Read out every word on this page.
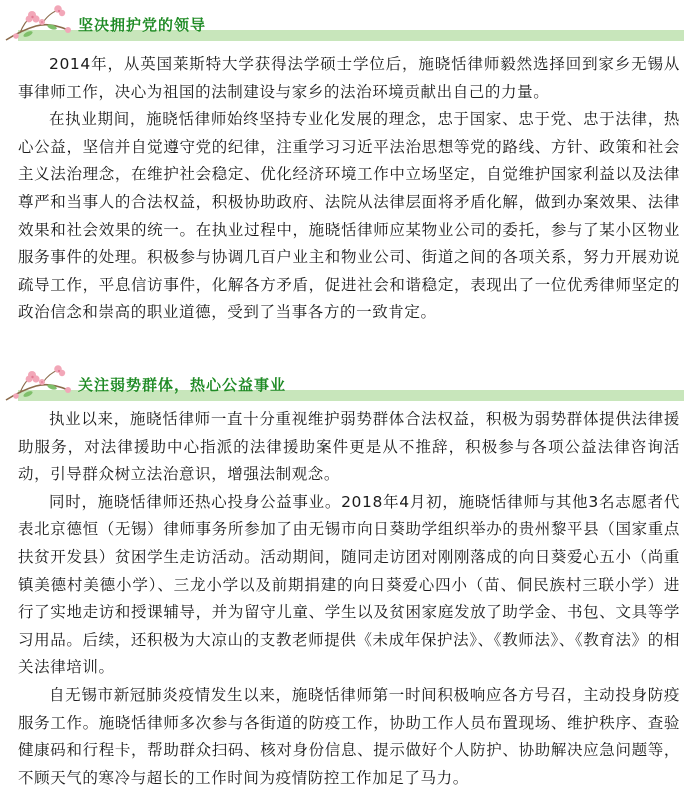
坚决拥护党的领导

2014年，从英国莱斯特大学获得法学硕士学位后，施晓恬律师毅然选择回到家乡无锡从事律师工作，决心为祖国的法制建设与家乡的法治环境贡献出自己的力量。

在执业期间，施晓恬律师始终坚持专业化发展的理念，忠于国家、忠于党、忠于法律，热心公益，坚信并自觉遵守党的纪律，注重学习习近平法治思想等党的路线、方针、政策和社会主义法治理念，在维护社会稳定、优化经济环境工作中立场坚定，自觉维护国家利益以及法律尊严和当事人的合法权益，积极协助政府、法院从法律层面将矛盾化解，做到办案效果、法律效果和社会效果的统一。在执业过程中，施晓恬律师应某物业公司的委托，参与了某小区物业服务事件的处理。积极参与协调几百户业主和物业公司、街道之间的各项关系，努力开展劝说疏导工作，平息信访事件，化解各方矛盾，促进社会和谐稳定，表现出了一位优秀律师坚定的政治信念和崇高的职业道德，受到了当事各方的一致肯定。

关注弱势群体，热心公益事业

执业以来，施晓恬律师一直十分重视维护弱势群体合法权益，积极为弱势群体提供法律援助服务，对法律援助中心指派的法律援助案件更是从不推辞，积极参与各项公益法律咨询活动，引导群众树立法治意识，增强法制观念。

同时，施晓恬律师还热心投身公益事业。2018年4月初，施晓恬律师与其他3名志愿者代表北京德恒（无锡）律师事务所参加了由无锡市向日葵助学组织举办的贵州黎平县（国家重点扶贫开发县）贫困学生走访活动。活动期间，随同走访团对刚刚落成的向日葵爱心五小（尚重镇美德村美德小学）、三龙小学以及前期捐建的向日葵爱心四小（苗、侗民族村三联小学）进行了实地走访和授课辅导，并为留守儿童、学生以及贫困家庭发放了助学金、书包、文具等学习用品。后续，还积极为大凉山的支教老师提供《未成年保护法》、《教师法》、《教育法》的相关法律培训。

自无锡市新冠肺炎疫情发生以来，施晓恬律师第一时间积极响应各方号召，主动投身防疫服务工作。施晓恬律师多次参与各街道的防疫工作，协助工作人员布置现场、维护秩序、查验健康码和行程卡，帮助群众扫码、核对身份信息、提示做好个人防护、协助解决应急问题等，不顾天气的寒冷与超长的工作时间为疫情防控工作加足了马力。
